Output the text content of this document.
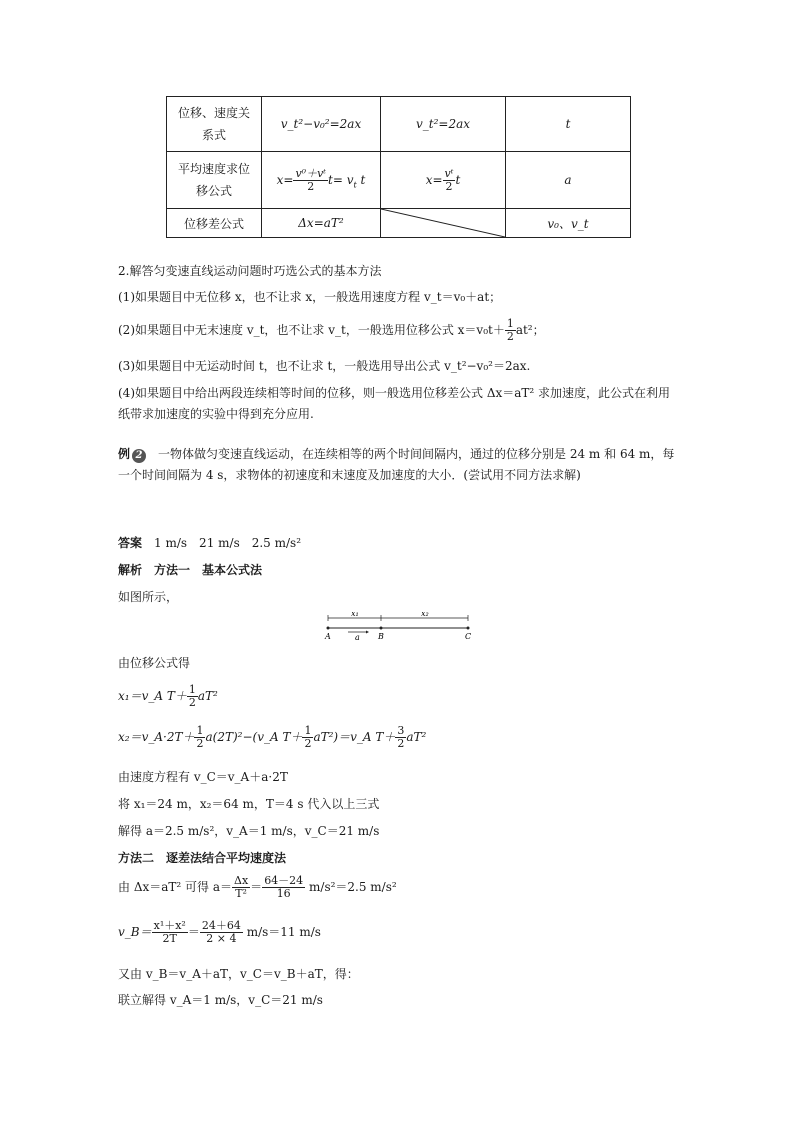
位移、速度关系式	v_t²−v₀²=2ax	v_t²=2ax	t

平均速度求位移公式	$x= \frac{\text{v⁰＋vᵗ}}{2} t= v_t$ t	$x= \frac{\text{vᵗ}}{2}$ t	a
位移差公式	Δx=aT²		v₀、v_t
2.解答匀变速直线运动问题时巧选公式的基本方法
(1)如果题目中无位移 x，也不让求 x，一般选用速度方程 v_t＝v₀＋at；
(2)如果题目中无末速度 v_t，也不让求 v_t，一般选用位移公式 $x=v_0t+ \frac{1}{2} at^2$；
(3)如果题目中无运动时间 t，也不让求 t，一般选用导出公式 v_t²−v₀²＝2ax.
(4)如果题目中给出两段连续相等时间的位移，则一般选用位移差公式 Δx＝aT² 求加速度，此公式在利用纸带求加速度的实验中得到充分应用.
例 2　 一物体做匀变速直线运动，在连续相等的两个时间间隔内，通过的位移分别是 24 m 和 64 m，每一个时间间隔为 4 s，求物体的初速度和末速度及加速度的大小．(尝试用不同方法求解)
答案　 1 m/s　21 m/s　2.5 m/s²
解析　 方法一　基本公式法
如图所示，
x₁	x₂
a
A	B	C
由位移公式得
x₁＝v_A $T+ \frac{1}{2} aT^2$
x₂＝v_A·2T＋ $\frac{1}{2}$ a(2T)²−(v_A $T+ \frac{1}{2}$ aT²)＝v_A $T+ \frac{3}{2} aT^2$
由速度方程有 v_C＝v_A＋a·2T
将 x₁＝24 m，x₂＝64 m，T＝4 s 代入以上三式
解得 a＝2.5 m/s²，v_A＝1 m/s，v_C＝21 m/s
方法二　逐差法结合平均速度法
由 Δx＝aT² 可得 $a= \frac{\Delta x}{\text{T²}} = \frac{64-24}{16} m/s^2=2.5$ m/s²
v_B＝ $\frac{\text{x¹＋x²}}{2T} = \frac{24+64}{2 \times 4} m/s=11$ m/s
又由 v_B＝v_A＋aT，v_C＝v_B＋aT，得：
联立解得 v_A＝1 m/s，v_C＝21 m/s
